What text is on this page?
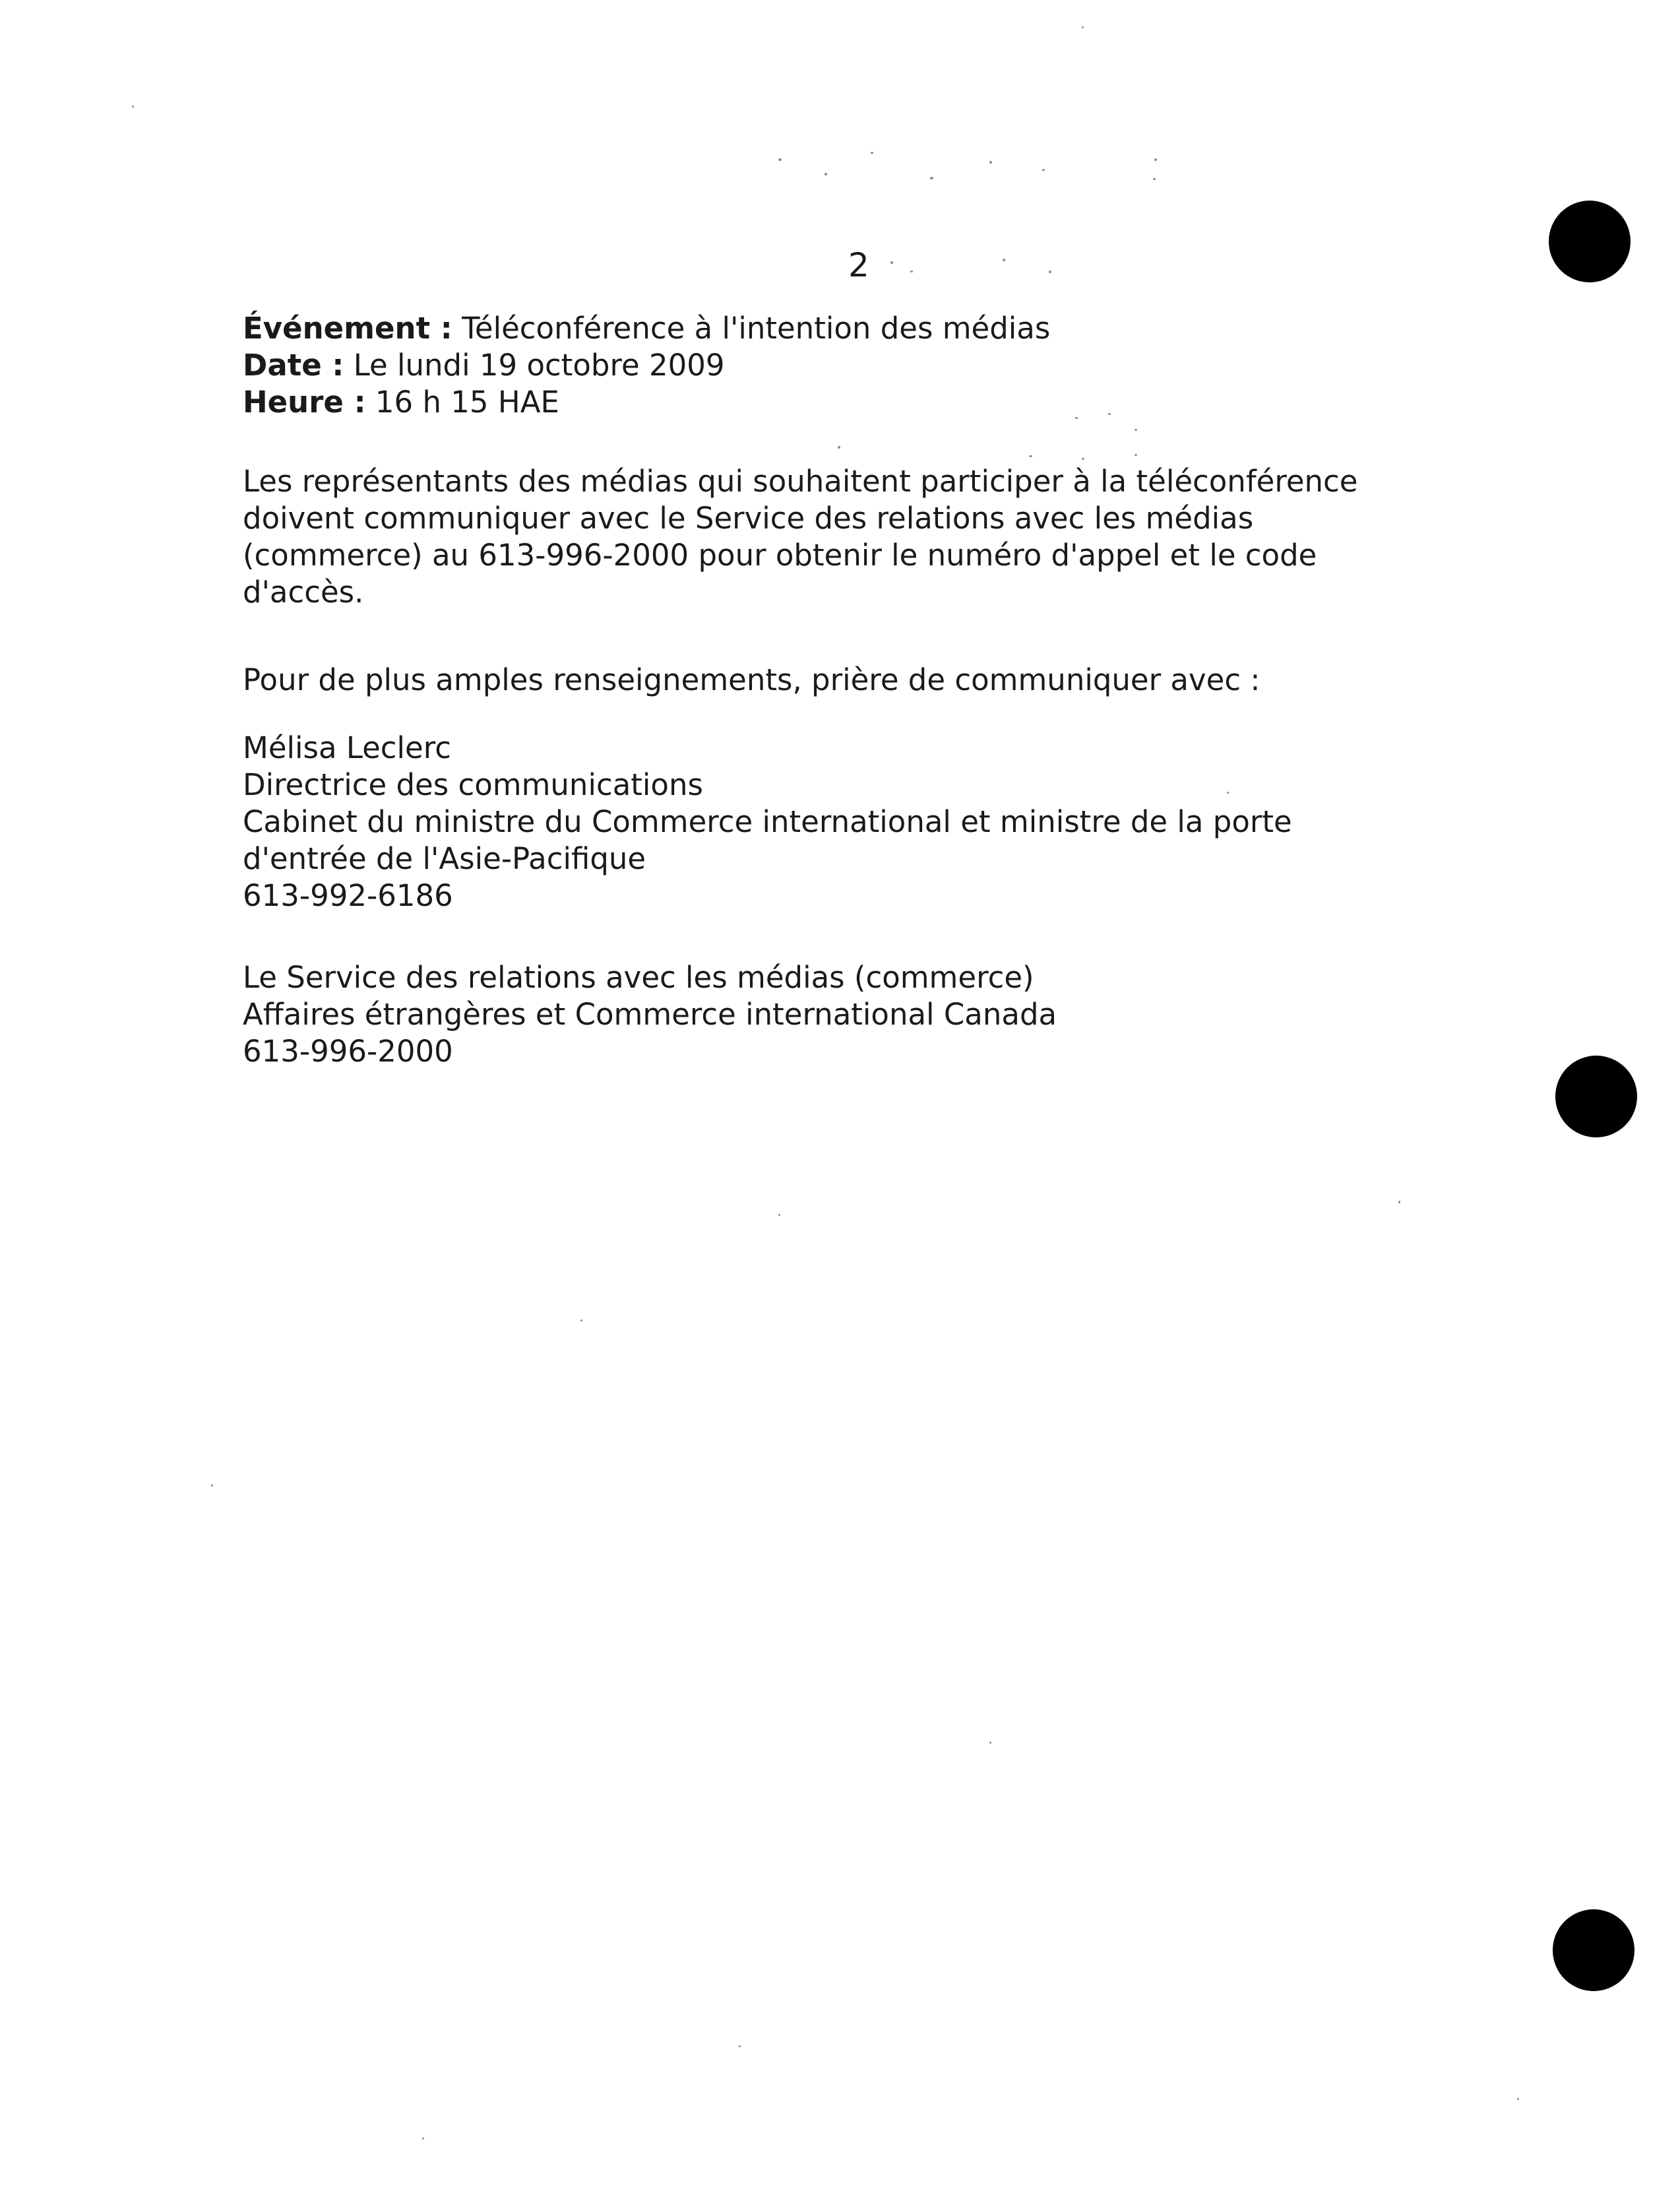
2
Événement : Téléconférence à l'intention des médias
Date : Le lundi 19 octobre 2009
Heure : 16 h 15 HAE
Les représentants des médias qui souhaitent participer à la téléconférence
doivent communiquer avec le Service des relations avec les médias
(commerce) au 613-996-2000 pour obtenir le numéro d'appel et le code
d'accès.
Pour de plus amples renseignements, prière de communiquer avec :
Mélisa Leclerc
Directrice des communications
Cabinet du ministre du Commerce international et ministre de la porte
d'entrée de l'Asie-Pacifique
613-992-6186
Le Service des relations avec les médias (commerce)
Affaires étrangères et Commerce international Canada
613-996-2000
